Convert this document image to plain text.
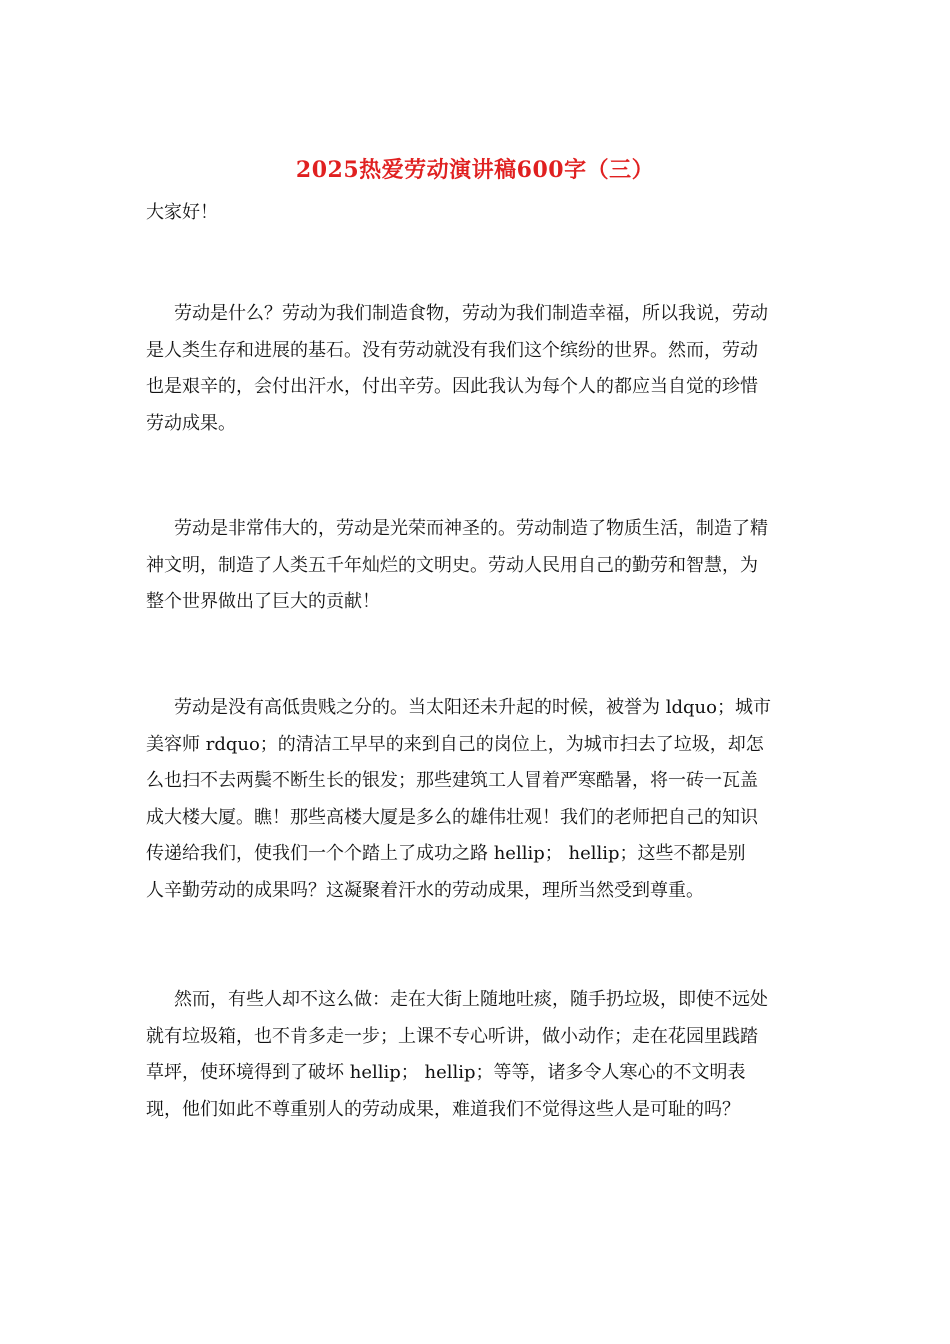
2025热爱劳动演讲稿600字（三）
大家好！

劳动是什么？劳动为我们制造食物，劳动为我们制造幸福，所以我说，劳动
是人类生存和进展的基石。没有劳动就没有我们这个缤纷的世界。然而，劳动
也是艰辛的，会付出汗水，付出辛劳。因此我认为每个人的都应当自觉的珍惜
劳动成果。

劳动是非常伟大的，劳动是光荣而神圣的。劳动制造了物质生活，制造了精
神文明，制造了人类五千年灿烂的文明史。劳动人民用自己的勤劳和智慧，为
整个世界做出了巨大的贡献！

劳动是没有高低贵贱之分的。当太阳还未升起的时候，被誉为 ldquo；城市
美容师 rdquo；的清洁工早早的来到自己的岗位上，为城市扫去了垃圾，却怎
么也扫不去两鬓不断生长的银发；那些建筑工人冒着严寒酷暑，将一砖一瓦盖
成大楼大厦。瞧！那些高楼大厦是多么的雄伟壮观！我们的老师把自己的知识
传递给我们，使我们一个个踏上了成功之路 hellip； hellip；这些不都是别
人辛勤劳动的成果吗？这凝聚着汗水的劳动成果，理所当然受到尊重。

然而，有些人却不这么做：走在大街上随地吐痰，随手扔垃圾，即使不远处
就有垃圾箱，也不肯多走一步；上课不专心听讲，做小动作；走在花园里践踏
草坪，使环境得到了破坏 hellip； hellip；等等，诸多令人寒心的不文明表
现，他们如此不尊重别人的劳动成果，难道我们不觉得这些人是可耻的吗？
